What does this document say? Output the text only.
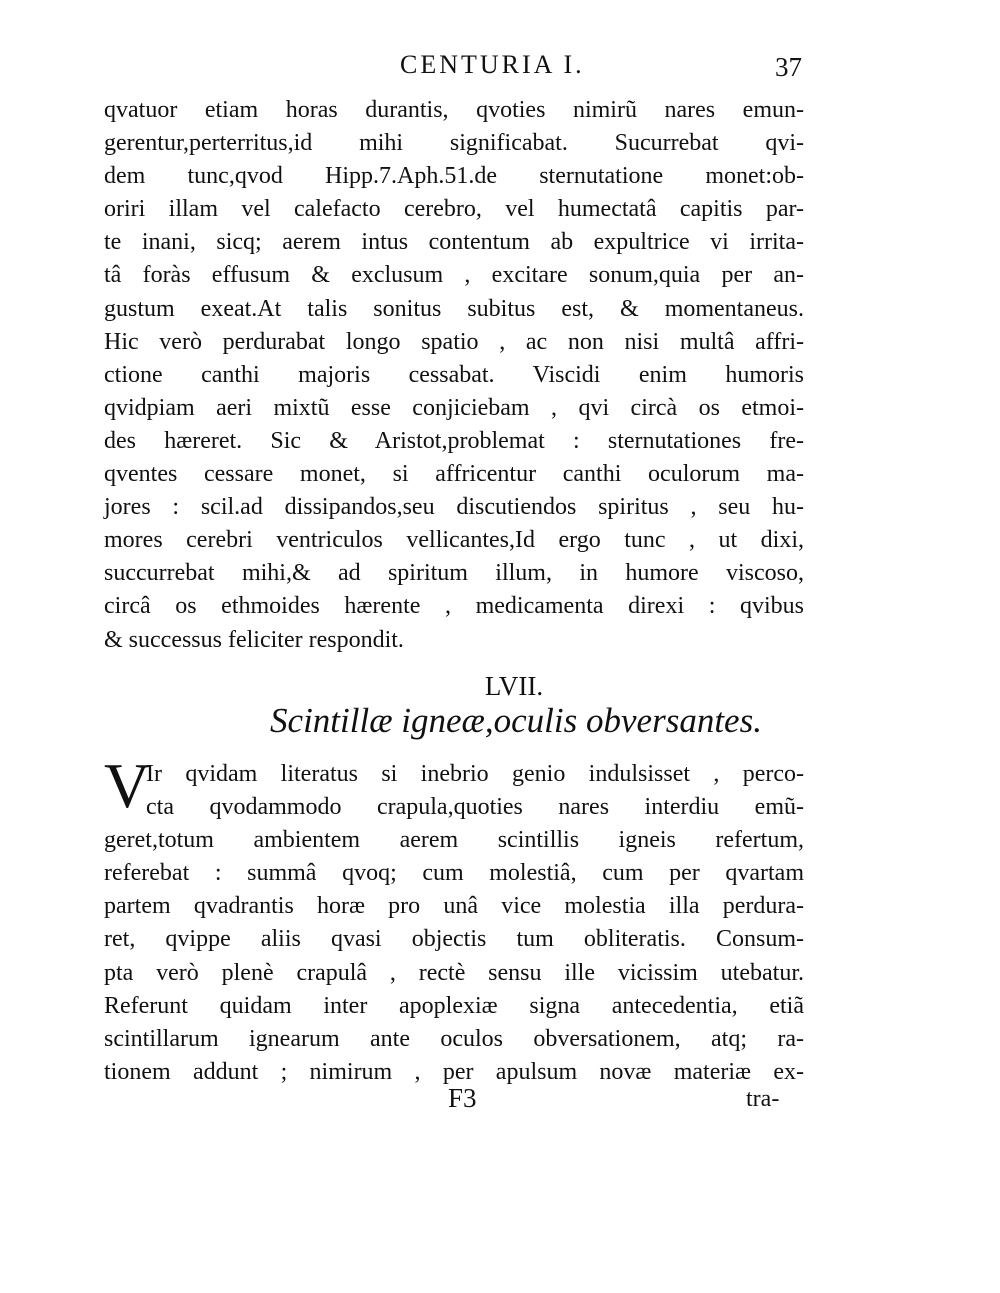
CENTURIA I.	37
qvatuor etiam horas durantis, qvoties nimirũ nares emun-
gerentur,perterritus,id mihi significabat. Sucurrebat qvi-
dem tunc,qvod Hipp.7.Aph.51.de sternutatione monet:ob-
oriri illam vel calefacto cerebro, vel humectatâ capitis par-
te inani, sicq; aerem intus contentum ab expultrice vi irrita-
tâ foràs effusum & exclusum , excitare sonum,quia per an-
gustum exeat.At talis sonitus subitus est, & momentaneus.
Hic verò perdurabat longo spatio , ac non nisi multâ affri-
ctione canthi majoris cessabat. Viscidi enim humoris
qvidpiam aeri mixtũ esse conjiciebam , qvi circà os etmoi-
des hæreret. Sic & Aristot,problemat : sternutationes fre-
qventes cessare monet, si affricentur canthi oculorum ma-
jores : scil.ad dissipandos,seu discutiendos spiritus , seu hu-
mores cerebri ventriculos vellicantes,Id ergo tunc , ut dixi,
succurrebat mihi,& ad spiritum illum, in humore viscoso,
circâ os ethmoides hærente , medicamenta direxi : qvibus
& successus feliciter respondit.
LVII.
Scintillæ igneæ,oculis obversantes.
V
Ir qvidam literatus si inebrio genio indulsisset , perco-
cta qvodammodo crapula,quoties nares interdiu emũ-
geret,totum ambientem aerem scintillis igneis refertum,
referebat : summâ qvoq; cum molestiâ, cum per qvartam
partem qvadrantis horæ pro unâ vice molestia illa perdura-
ret, qvippe aliis qvasi objectis tum obliteratis. Consum-
pta verò plenè crapulâ , rectè sensu ille vicissim utebatur.
Referunt quidam inter apoplexiæ signa antecedentia, etiã
scintillarum ignearum ante oculos obversationem, atq; ra-
tionem addunt ; nimirum , per apulsum novæ materiæ ex-
F3	tra-
